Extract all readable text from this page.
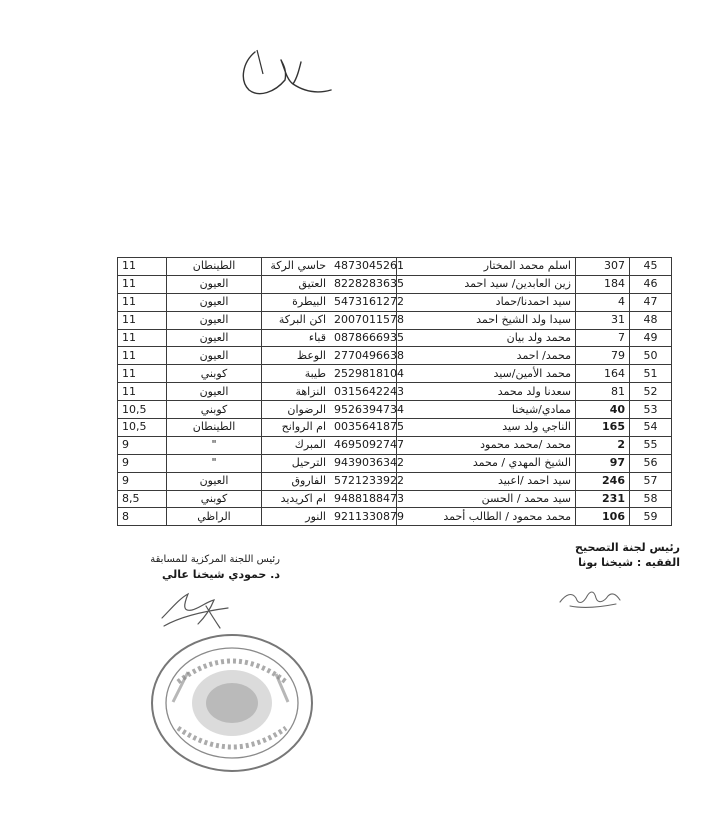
11	الطينطان	حاسي الركة	4873045261	اسلم محمد المختار	307	45
11	العيون	العتيق	8228283635	زين العابدين/ سيد احمد	184	46
11	العيون	البيطرة	5473161272	سيد احمدنا/حماد	4	47
11	العيون	اكن البركة	2007011578	سيدا ولد الشيخ احمد	31	48
11	العيون	قباء	0878666935	محمد ولد بيان	7	49
11	العيون	الوعظ	2770496638	محمد/ احمد	79	50
11	كوبني	طيبة	2529818104	محمد الأمين/سيد	164	51
11	العيون	النزاهة	0315642243	سعدنا ولد محمد	81	52
10,5	كوبني	الرضوان	9526394734	ممادي/شيخنا	40	53
10,5	الطينطان	ام الروانح	0035641875	الناجي ولد سيد	165	54
9	"	المبرك	4695092747	محمد /محمد محمود	2	55
9	"	الترحيل	9439036342	الشيخ المهدي / محمد	97	56
9	العيون	الفاروق	5721233922	سيد احمد /اعبيد	246	57
8,5	كوبني	ام اكريديد	9488188473	سيد محمد / الحسن	231	58
8	الراظي	النور	9211330879	محمد محمود / الطالب أحمد	106	59
رئيس اللجنة المركزية للمسابقة
د. حمودي شيخنا عالي
رئيس لجنة التصحيح
الفقيه : شيخنا بونا
